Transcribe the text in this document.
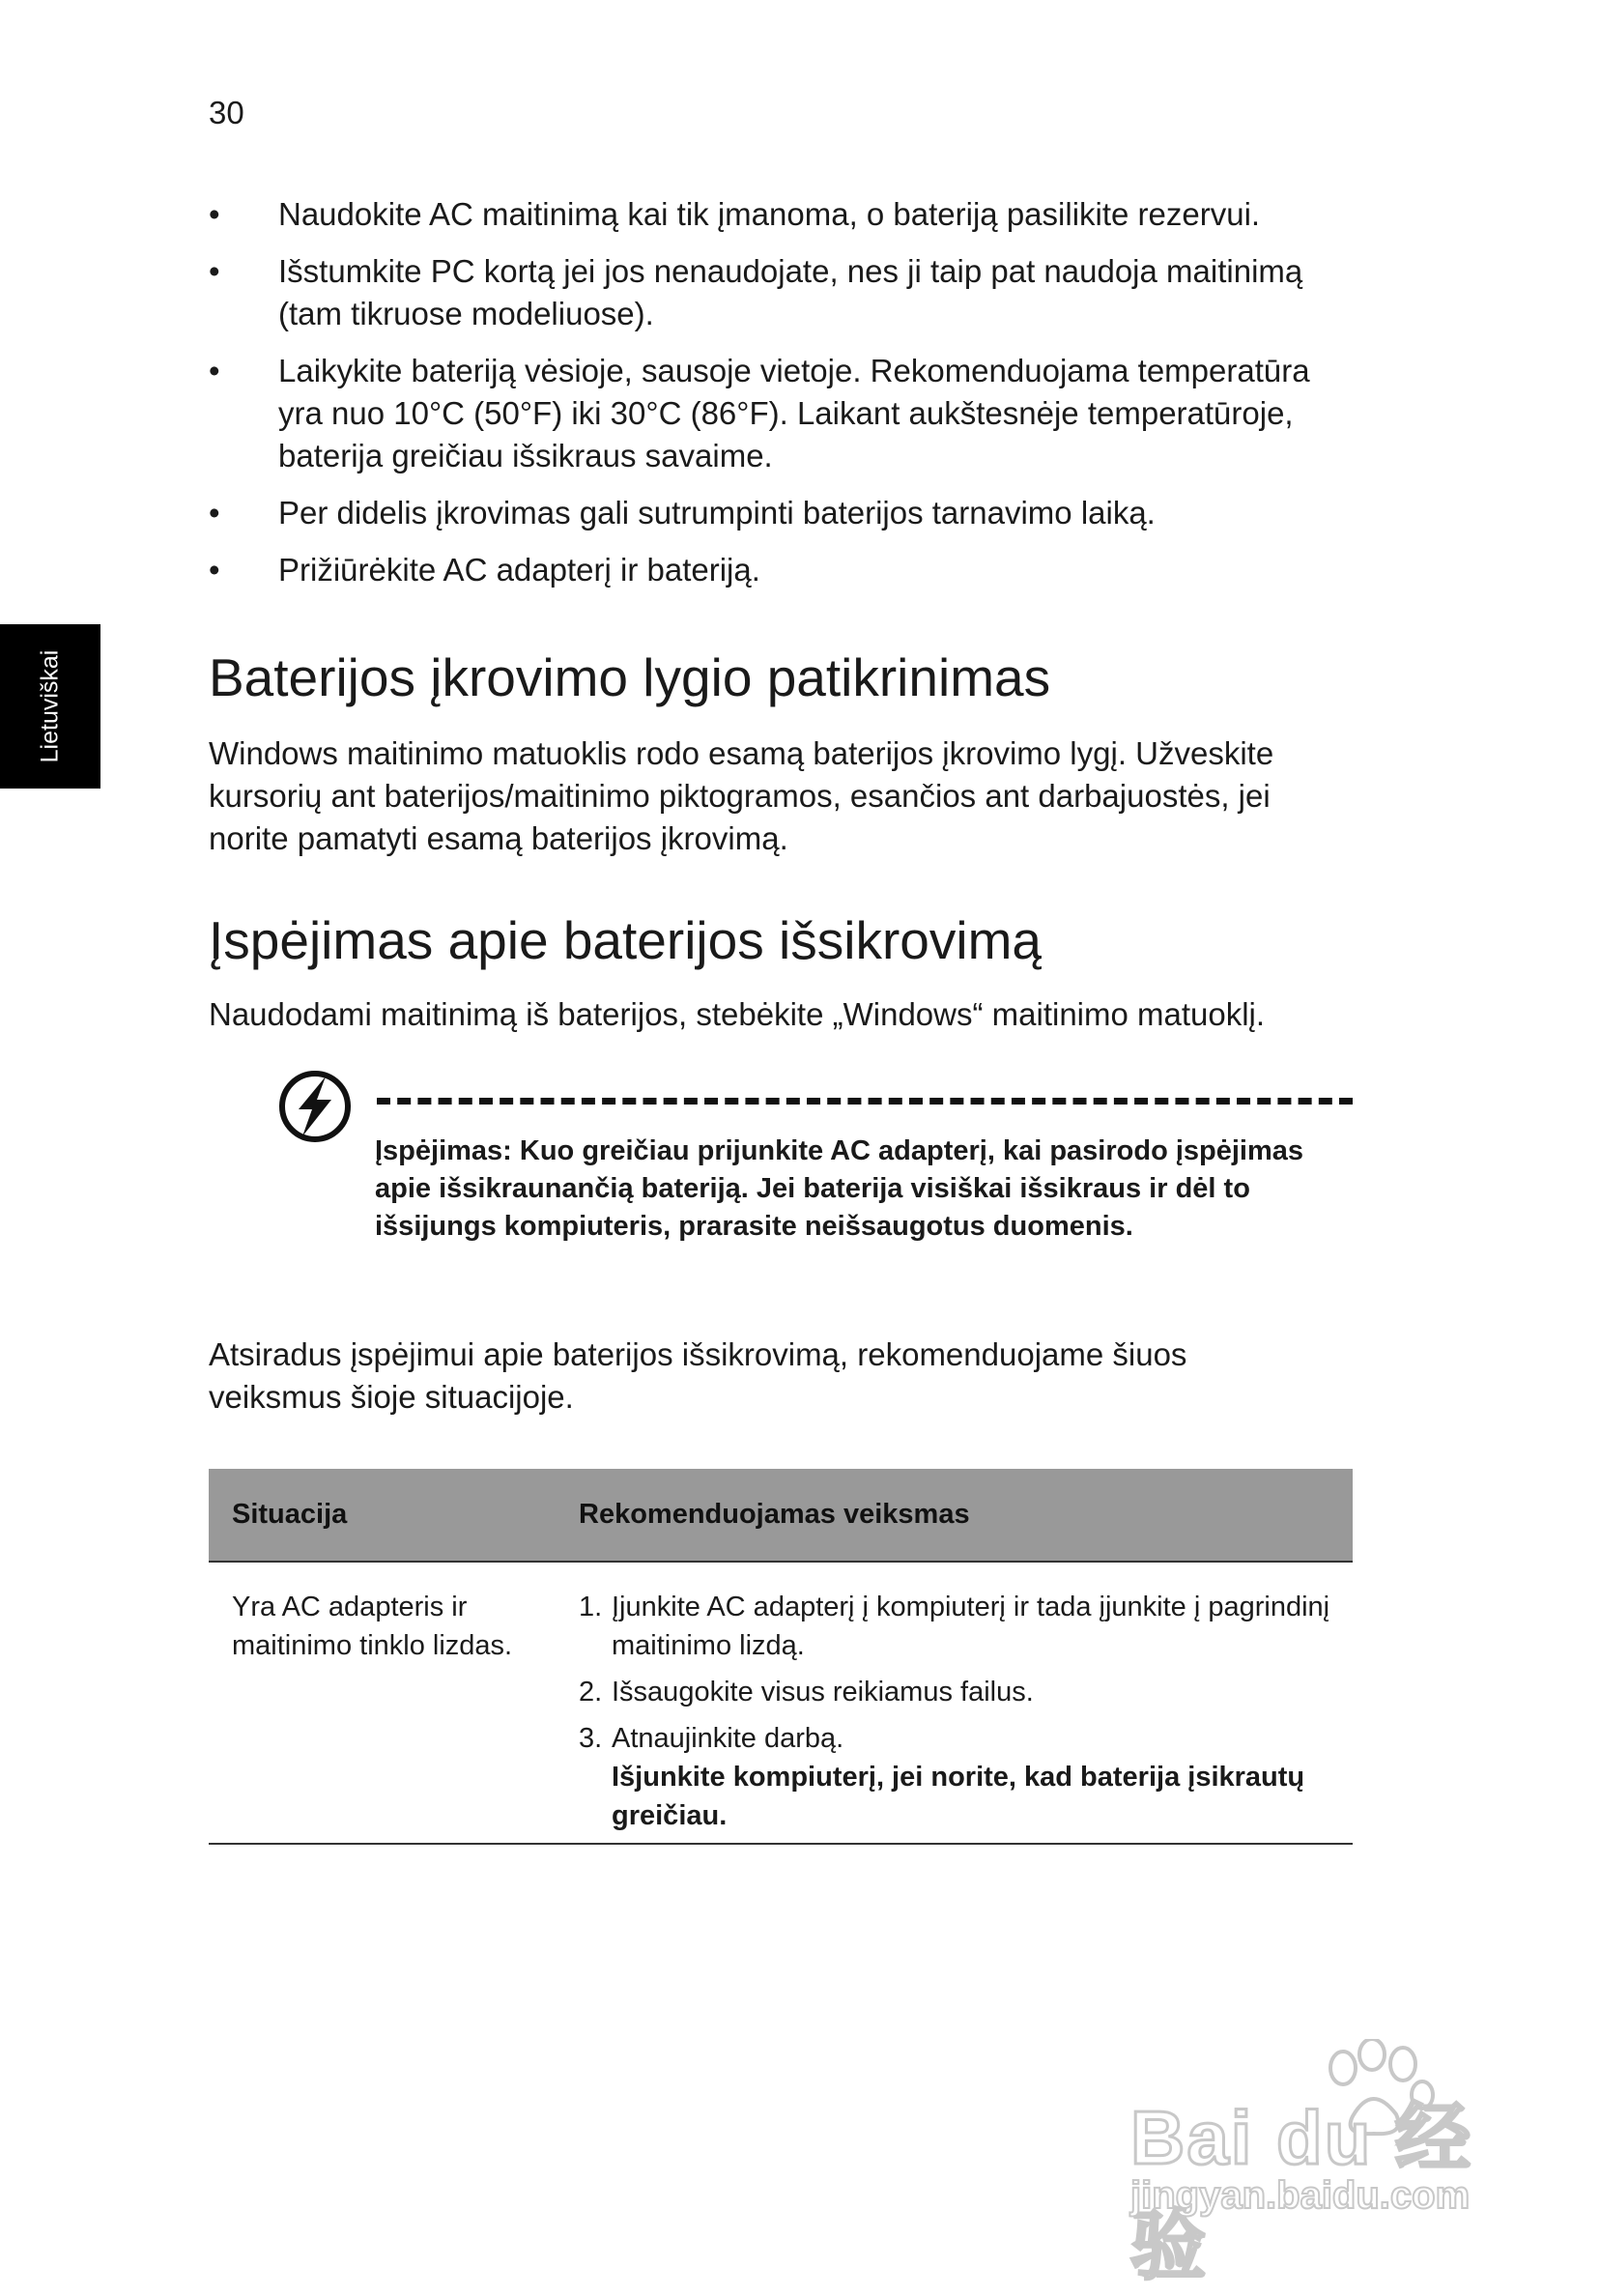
30
Lietuviškai
• Naudokite AC maitinimą kai tik įmanoma, o bateriją pasilikite rezervui.
• Išstumkite PC kortą jei jos nenaudojate, nes ji taip pat naudoja maitinimą (tam tikruose modeliuose).
• Laikykite bateriją vėsioje, sausoje vietoje. Rekomenduojama temperatūra yra nuo 10°C (50°F) iki 30°C (86°F). Laikant aukštesnėje temperatūroje, baterija greičiau išsikraus savaime.
• Per didelis įkrovimas gali sutrumpinti baterijos tarnavimo laiką.
• Prižiūrėkite AC adapterį ir bateriją.
Baterijos įkrovimo lygio patikrinimas

Windows maitinimo matuoklis rodo esamą baterijos įkrovimo lygį. Užveskite kursorių ant baterijos/maitinimo piktogramos, esančios ant darbajuostės, jei norite pamatyti esamą baterijos įkrovimą.

Įspėjimas apie baterijos išsikrovimą

Naudodami maitinimą iš baterijos, stebėkite „Windows“ maitinimo matuoklį.

Įspėjimas: Kuo greičiau prijunkite AC adapterį, kai pasirodo įspėjimas apie išsikraunančią bateriją. Jei baterija visiškai išsikraus ir dėl to išsijungs kompiuteris, prarasite neišsaugotus duomenis.

Atsiradus įspėjimui apie baterijos išsikrovimą, rekomenduojame šiuos veiksmus šioje situacijoje.

Situacija	Rekomenduojamas veiksmas
Yra AC adapteris ir maitinimo tinklo lizdas.
1. Įjunkite AC adapterį į kompiuterį ir tada įjunkite į pagrindinį maitinimo lizdą.
2. Išsaugokite visus reikiamus failus.
3. Atnaujinkite darbą.
Išjunkite kompiuterį, jei norite, kad baterija įsikrautų greičiau.
Bai du 经验
jingyan.baidu.com
